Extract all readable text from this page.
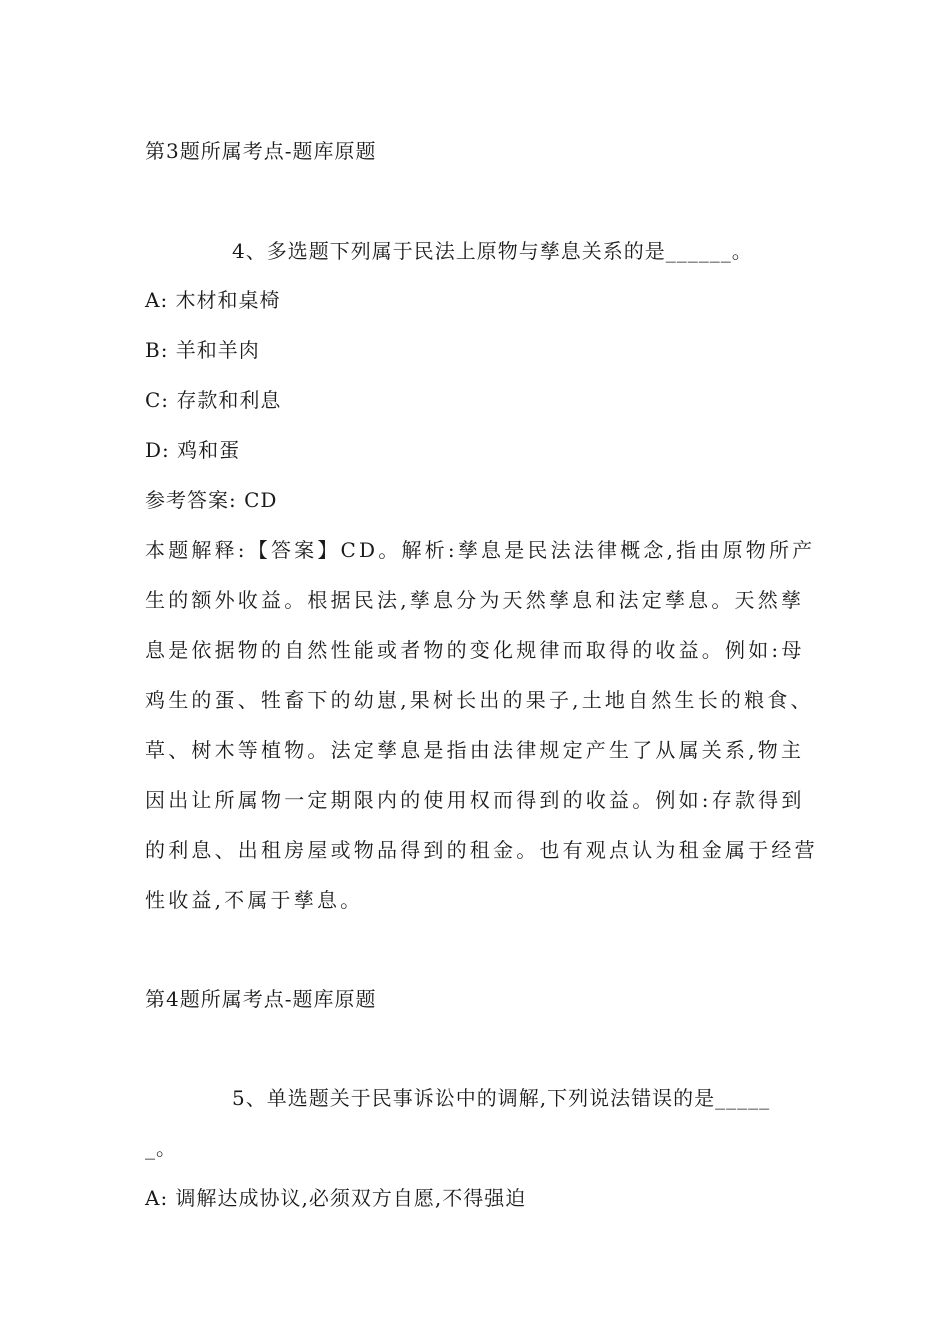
第3题所属考点-题库原题
4、多选题下列属于民法上原物与孳息关系的是______。
A: 木材和桌椅
B: 羊和羊肉
C: 存款和利息
D: 鸡和蛋
参考答案: CD
本题解释:【答案】CD。解析:孳息是民法法律概念,指由原物所产
生的额外收益。根据民法,孳息分为天然孳息和法定孳息。天然孳
息是依据物的自然性能或者物的变化规律而取得的收益。例如:母
鸡生的蛋、牲畜下的幼崽,果树长出的果子,土地自然生长的粮食、
草、树木等植物。法定孳息是指由法律规定产生了从属关系,物主
因出让所属物一定期限内的使用权而得到的收益。例如:存款得到
的利息、出租房屋或物品得到的租金。也有观点认为租金属于经营
性收益,不属于孳息。
第4题所属考点-题库原题
5、单选题关于民事诉讼中的调解,下列说法错误的是_____
_。
A: 调解达成协议,必须双方自愿,不得强迫
